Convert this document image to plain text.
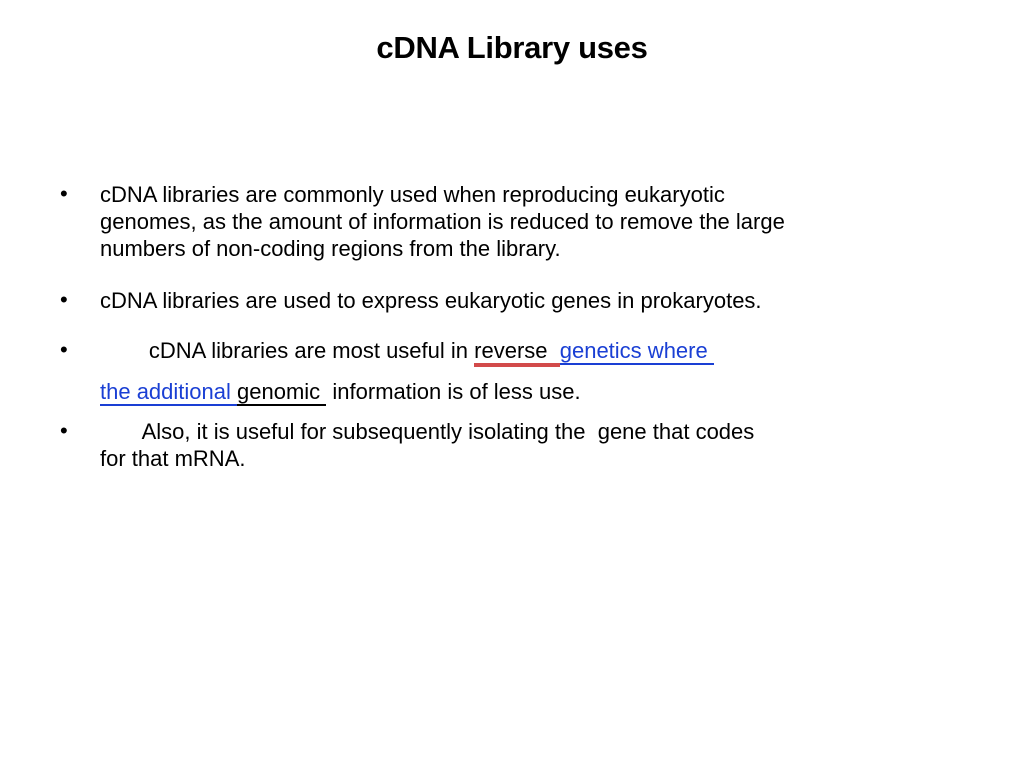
cDNA Library uses
• cDNA libraries are commonly used when reproducing eukaryotic
genomes, as the amount of information is reduced to remove the large
numbers of non-coding regions from the library.
• cDNA libraries are used to express eukaryotic genes in prokaryotes.
• cDNA libraries are most useful in reverse genetics where
the additional genomic  information is of less use.
• Also, it is useful for subsequently isolating the  gene that codes
for that mRNA.
